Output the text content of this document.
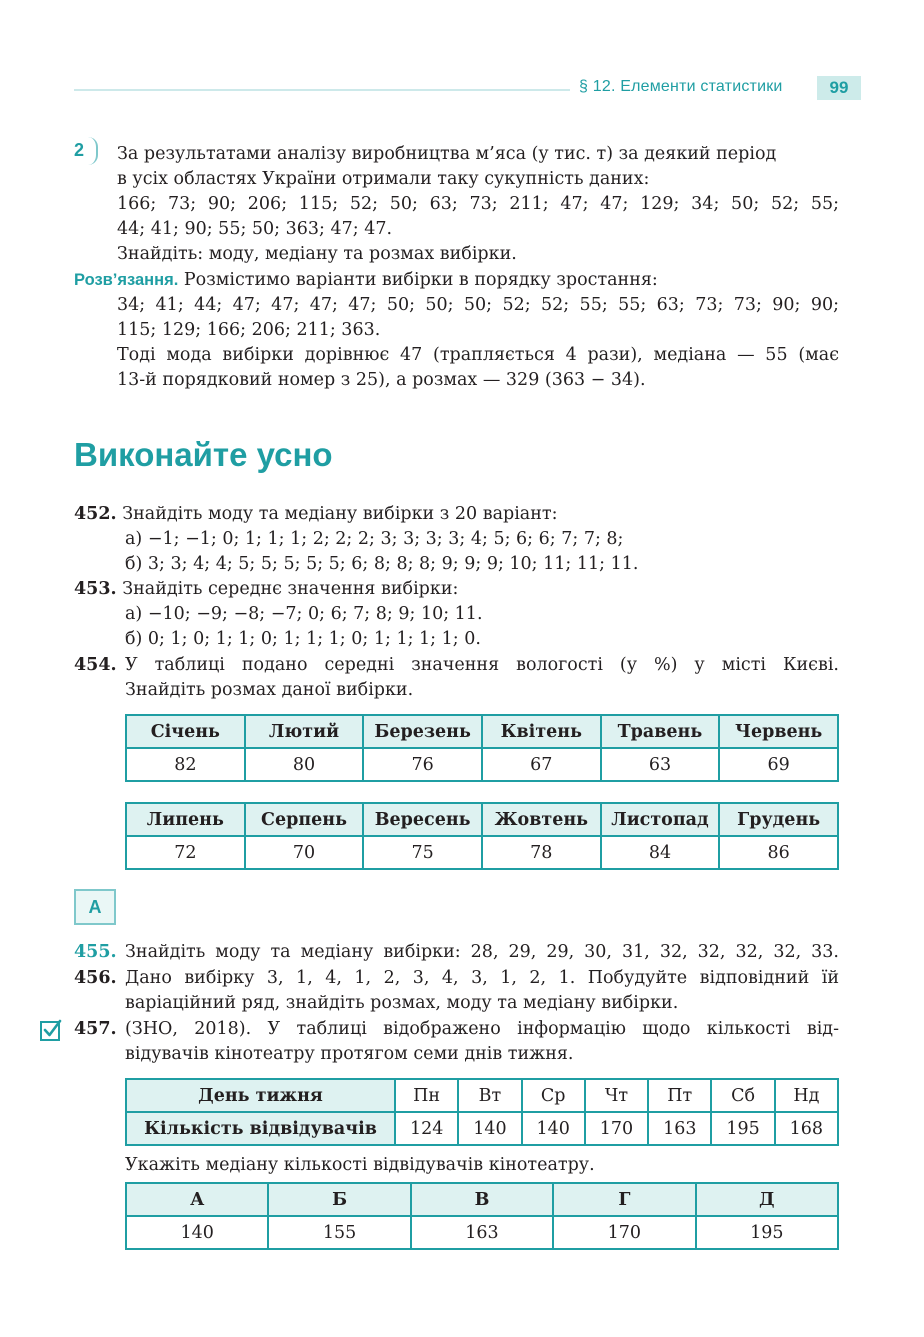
§ 12. Елементи статистики	99
2 За результатами аналізу виробництва м’яса (у тис. т) за деякий період
в усіх областях України отримали таку сукупність даних:
166; 73; 90; 206; 115; 52; 50; 63; 73; 211; 47; 47; 129; 34; 50; 52; 55;
44; 41; 90; 55; 50; 363; 47; 47.
Знайдіть: моду, медіану та розмах вибірки.
Розв’язання. Розмістимо варіанти вибірки в порядку зростання:
34; 41; 44; 47; 47; 47; 47; 50; 50; 50; 52; 52; 55; 55; 63; 73; 73; 90; 90;
115; 129; 166; 206; 211; 363.
Тоді мода вибірки дорівнює 47 (трапляється 4 рази), медіана — 55 (має
13-й порядковий номер з 25), а розмах — 329 (363 − 34).
Виконайте усно
452. Знайдіть моду та медіану вибірки з 20 варіант:
а) −1; −1; 0; 1; 1; 1; 2; 2; 2; 3; 3; 3; 3; 4; 5; 6; 6; 7; 7; 8;
б) 3; 3; 4; 4; 5; 5; 5; 5; 5; 6; 8; 8; 8; 9; 9; 9; 10; 11; 11; 11.
453. Знайдіть середнє значення вибірки:
а) −10; −9; −8; −7; 0; 6; 7; 8; 9; 10; 11.
б) 0; 1; 0; 1; 1; 0; 1; 1; 1; 0; 1; 1; 1; 1; 0.
454. У таблиці подано середні значення вологості (у %) у місті Києві.
Знайдіть розмах даної вибірки.
Січень	Лютий	Березень	Квітень	Травень	Червень
82	80	76	67	63	69
Липень	Серпень	Вересень	Жовтень	Листопад	Грудень
72	70	75	78	84	86
А
455. Знайдіть моду та медіану вибірки: 28, 29, 29, 30, 31, 32, 32, 32, 32, 33.
456. Дано вибірку 3, 1, 4, 1, 2, 3, 4, 3, 1, 2, 1. Побудуйте відповідний їй
варіаційний ряд, знайдіть розмах, моду та медіану вибірки.
457. (ЗНО, 2018). У таблиці відображено інформацію щодо кількості від-
відувачів кінотеатру протягом семи днів тижня.
День тижня	Пн	Вт	Ср	Чт	Пт	Сб	Нд
Кількість відвідувачів	124	140	140	170	163	195	168
Укажіть медіану кількості відвідувачів кінотеатру.
А	Б	В	Г	Д
140	155	163	170	195
